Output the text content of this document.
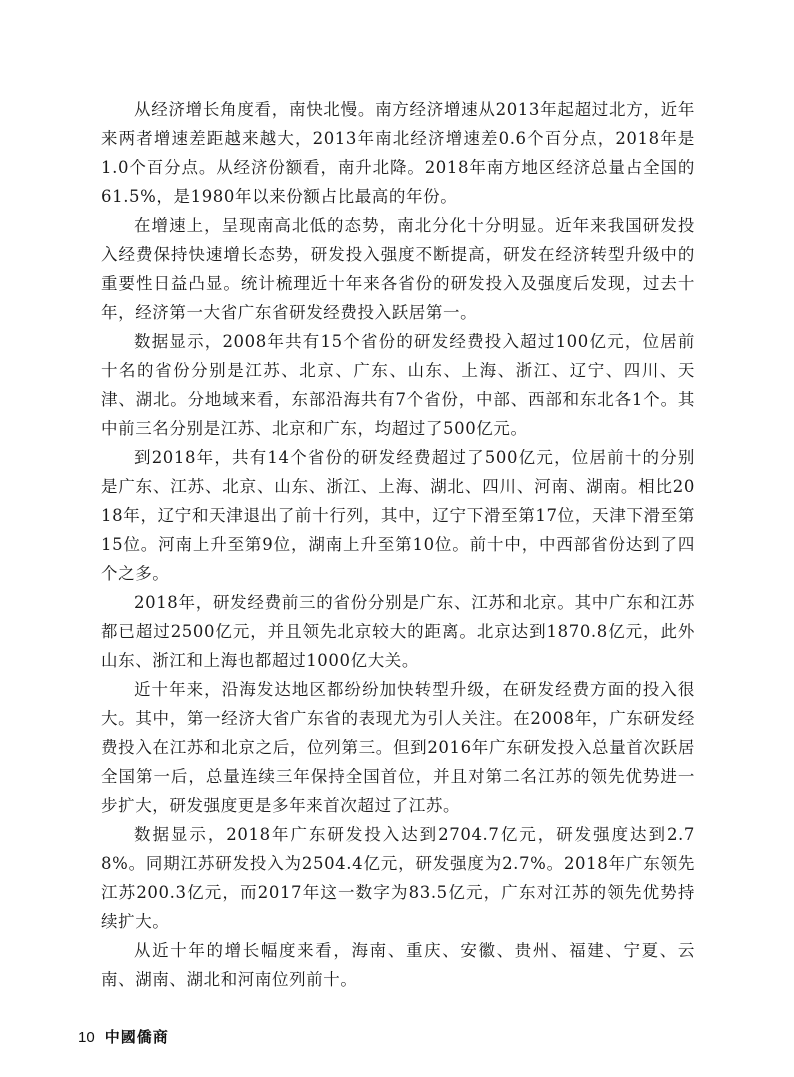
从经济增长角度看，南快北慢。南方经济增速从2013年起超过北方，近年来两者增速差距越来越大，2013年南北经济增速差0.6个百分点，2018年是1.0个百分点。从经济份额看，南升北降。2018年南方地区经济总量占全国的61.5%，是1980年以来份额占比最高的年份。

在增速上，呈现南高北低的态势，南北分化十分明显。近年来我国研发投入经费保持快速增长态势，研发投入强度不断提高，研发在经济转型升级中的重要性日益凸显。统计梳理近十年来各省份的研发投入及强度后发现，过去十年，经济第一大省广东省研发经费投入跃居第一。

数据显示，2008年共有15个省份的研发经费投入超过100亿元，位居前十名的省份分别是江苏、北京、广东、山东、上海、浙江、辽宁、四川、天津、湖北。分地域来看，东部沿海共有7个省份，中部、西部和东北各1个。其中前三名分别是江苏、北京和广东，均超过了500亿元。

到2018年，共有14个省份的研发经费超过了500亿元，位居前十的分别是广东、江苏、北京、山东、浙江、上海、湖北、四川、河南、湖南。相比2018年，辽宁和天津退出了前十行列，其中，辽宁下滑至第17位，天津下滑至第15位。河南上升至第9位，湖南上升至第10位。前十中，中西部省份达到了四个之多。

2018年，研发经费前三的省份分别是广东、江苏和北京。其中广东和江苏都已超过2500亿元，并且领先北京较大的距离。北京达到1870.8亿元，此外山东、浙江和上海也都超过1000亿大关。

近十年来，沿海发达地区都纷纷加快转型升级，在研发经费方面的投入很大。其中，第一经济大省广东省的表现尤为引人关注。在2008年，广东研发经费投入在江苏和北京之后，位列第三。但到2016年广东研发投入总量首次跃居全国第一后，总量连续三年保持全国首位，并且对第二名江苏的领先优势进一步扩大，研发强度更是多年来首次超过了江苏。

数据显示，2018年广东研发投入达到2704.7亿元，研发强度达到2.78%。同期江苏研发投入为2504.4亿元，研发强度为2.7%。2018年广东领先江苏200.3亿元，而2017年这一数字为83.5亿元，广东对江苏的领先优势持续扩大。

从近十年的增长幅度来看，海南、重庆、安徽、贵州、福建、宁夏、云南、湖南、湖北和河南位列前十。

10 中國僑商
